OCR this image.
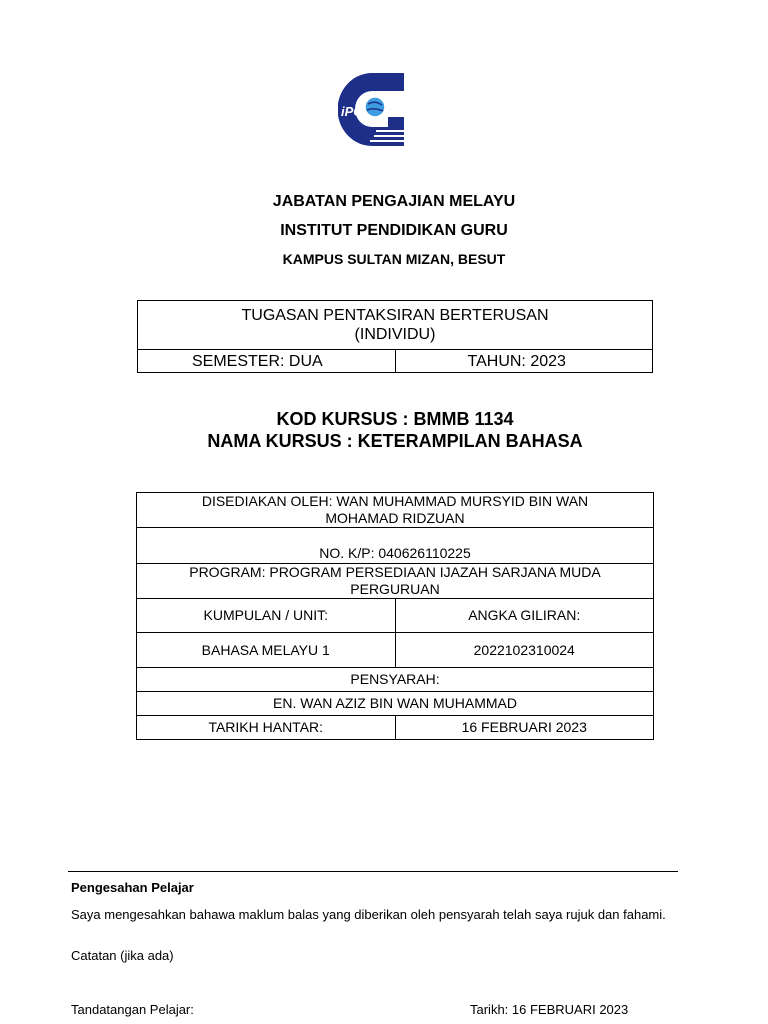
iPG
JABATAN PENGAJIAN MELAYU
INSTITUT PENDIDIKAN GURU
KAMPUS SULTAN MIZAN, BESUT
TUGASAN PENTAKSIRAN BERTERUSAN
(INDIVIDU)

SEMESTER: DUA	TAHUN: 2023
KOD KURSUS : BMMB 1134
NAMA KURSUS : KETERAMPILAN BAHASA
DISEDIAKAN OLEH: WAN MUHAMMAD MURSYID BIN WAN
MOHAMAD RIDZUAN	

NO. K/P: 040626110225	

PROGRAM: PROGRAM PERSEDIAAN IJAZAH SARJANA MUDA
PERGURUAN	

KUMPULAN / UNIT:	ANGKA GILIRAN:
BAHASA MELAYU 1	2022102310024
PENSYARAH:	
EN. WAN AZIZ BIN WAN MUHAMMAD	
TARIKH HANTAR:	16 FEBRUARI 2023
Pengesahan Pelajar
Saya mengesahkan bahawa maklum balas yang diberikan oleh pensyarah telah saya rujuk dan fahami.
Catatan (jika ada)
Tandatangan Pelajar:	Tarikh: 16 FEBRUARI 2023
